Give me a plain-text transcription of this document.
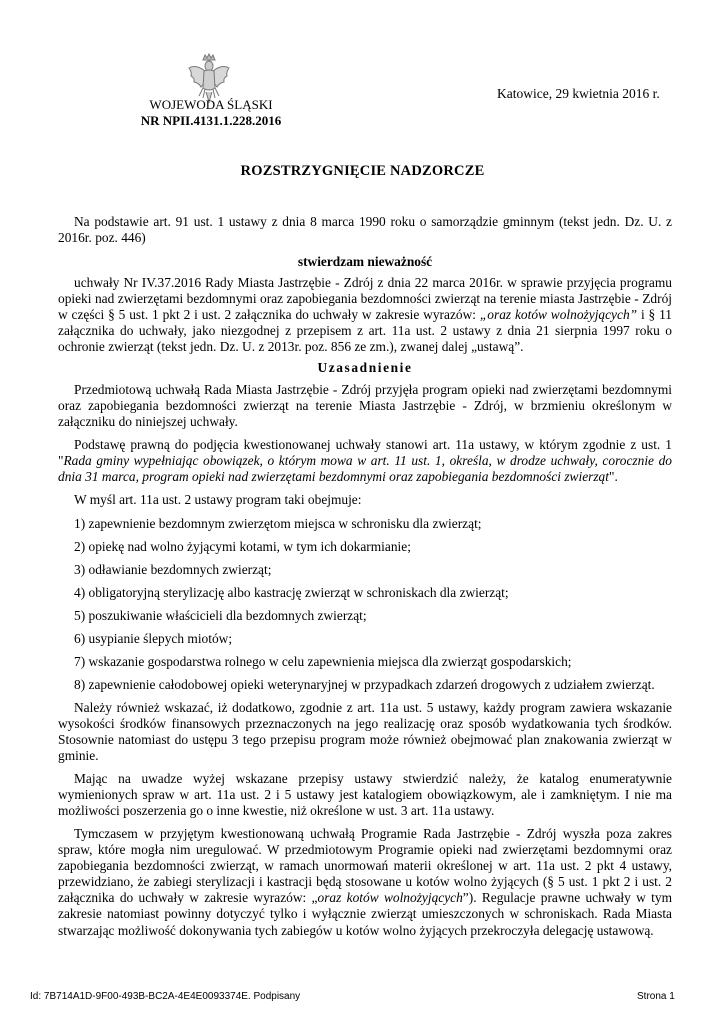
WOJEWODA ŚLĄSKI
NR NPII.4131.1.228.2016
Katowice, 29 kwietnia 2016 r.
ROZSTRZYGNIĘCIE NADZORCZE

Na podstawie art. 91 ust. 1 ustawy z dnia 8 marca 1990 roku o samorządzie gminnym (tekst jedn. Dz. U. z 2016r. poz. 446)

stwierdzam nieważność

uchwały Nr IV.37.2016 Rady Miasta Jastrzębie - Zdrój z dnia 22 marca 2016r. w sprawie przyjęcia programu opieki nad zwierzętami bezdomnymi oraz zapobiegania bezdomności zwierząt na terenie miasta Jastrzębie - Zdrój w części § 5 ust. 1 pkt 2 i ust. 2 załącznika do uchwały w zakresie wyrazów: „oraz kotów wolnożyjących” i § 11 załącznika do uchwały, jako niezgodnej z przepisem z art. 11a ust. 2 ustawy z dnia 21 sierpnia 1997 roku o ochronie zwierząt (tekst jedn. Dz. U. z 2013r. poz. 856 ze zm.), zwanej dalej „ustawą”.

Uzasadnienie

Przedmiotową uchwałą Rada Miasta Jastrzębie - Zdrój przyjęła program opieki nad zwierzętami bezdomnymi oraz zapobiegania bezdomności zwierząt na terenie Miasta Jastrzębie - Zdrój, w brzmieniu określonym w załączniku do niniejszej uchwały.

Podstawę prawną do podjęcia kwestionowanej uchwały stanowi art. 11a ustawy, w którym zgodnie z ust. 1 "Rada gminy wypełniając obowiązek, o którym mowa w art. 11 ust. 1, określa, w drodze uchwały, corocznie do dnia 31 marca, program opieki nad zwierzętami bezdomnymi oraz zapobiegania bezdomności zwierząt".

W myśl art. 11a ust. 2 ustawy program taki obejmuje:

1) zapewnienie bezdomnym zwierzętom miejsca w schronisku dla zwierząt;
2) opiekę nad wolno żyjącymi kotami, w tym ich dokarmianie;
3) odławianie bezdomnych zwierząt;
4) obligatoryjną sterylizację albo kastrację zwierząt w schroniskach dla zwierząt;
5) poszukiwanie właścicieli dla bezdomnych zwierząt;
6) usypianie ślepych miotów;
7) wskazanie gospodarstwa rolnego w celu zapewnienia miejsca dla zwierząt gospodarskich;
8) zapewnienie całodobowej opieki weterynaryjnej w przypadkach zdarzeń drogowych z udziałem zwierząt.

Należy również wskazać, iż dodatkowo, zgodnie z art. 11a ust. 5 ustawy, każdy program zawiera wskazanie wysokości środków finansowych przeznaczonych na jego realizację oraz sposób wydatkowania tych środków. Stosownie natomiast do ustępu 3 tego przepisu program może również obejmować plan znakowania zwierząt w gminie.

Mając na uwadze wyżej wskazane przepisy ustawy stwierdzić należy, że katalog enumeratywnie wymienionych spraw w art. 11a ust. 2 i 5 ustawy jest katalogiem obowiązkowym, ale i zamkniętym. I nie ma możliwości poszerzenia go o inne kwestie, niż określone w ust. 3 art. 11a ustawy.

Tymczasem w przyjętym kwestionowaną uchwałą Programie Rada Jastrzębie - Zdrój wyszła poza zakres spraw, które mogła nim uregulować. W przedmiotowym Programie opieki nad zwierzętami bezdomnymi oraz zapobiegania bezdomności zwierząt, w ramach unormowań materii określonej w art. 11a ust. 2 pkt 4 ustawy, przewidziano, że zabiegi sterylizacji i kastracji będą stosowane u kotów wolno żyjących (§ 5 ust. 1 pkt 2 i ust. 2 załącznika do uchwały w zakresie wyrazów: „oraz kotów wolnożyjących”). Regulacje prawne uchwały w tym zakresie natomiast powinny dotyczyć tylko i wyłącznie zwierząt umieszczonych w schroniskach. Rada Miasta stwarzając możliwość dokonywania tych zabiegów u kotów wolno żyjących przekroczyła delegację ustawową.

Id: 7B714A1D-9F00-493B-BC2A-4E4E0093374E. Podpisany	Strona 1
